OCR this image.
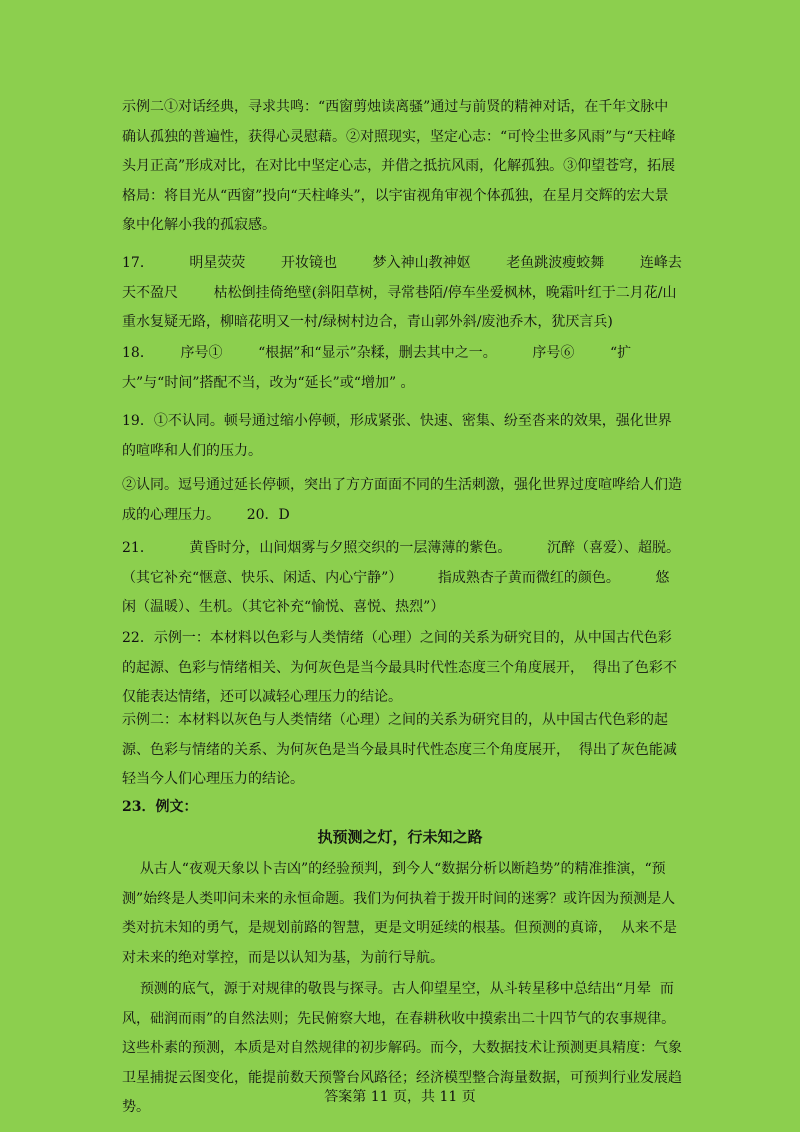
示例二①对话经典，寻求共鸣：“西窗剪烛读离骚”通过与前贤的精神对话，在千年文脉中确认孤独的普遍性，获得心灵慰藉。②对照现实，坚定心志：“可怜尘世多风雨”与“天柱峰头月正高”形成对比，在对比中坚定心志，并借之抵抗风雨，化解孤独。③仰望苍穹，拓展格局：将目光从“西窗”投向“天柱峰头”，以宇宙视角审视个体孤独，在星月交辉的宏大景象中化解小我的孤寂感。
17．        明星荧荧        开妆镜也        梦入神山教神妪        老鱼跳波瘦蛟舞        连峰去天不盈尺        枯松倒挂倚绝壁(斜阳草树，寻常巷陌/停车坐爱枫林，晚霜叶红于二月花/山重水复疑无路，柳暗花明又一村/绿树村边合，青山郭外斜/废池乔木，犹厌言兵)
18．      序号①        “根据”和“显示”杂糅，删去其中之一。        序号⑥        “扩大”与“时间”搭配不当，改为“延长”或“增加” 。
19．①不认同。顿号通过缩小停顿，形成紧张、快速、密集、纷至沓来的效果，强化世界的喧哗和人们的压力。
②认同。逗号通过延长停顿，突出了方方面面不同的生活刺激，强化世界过度喧哗给人们造成的心理压力。      20．D
21．        黄昏时分，山间烟雾与夕照交织的一层薄薄的紫色。        沉醉（喜爱）、超脱。（其它补充“惬意、快乐、闲适、内心宁静”）        指成熟杏子黄而微红的颜色。        悠闲（温暖）、生机。（其它补充“愉悦、喜悦、热烈”）
22．示例一：本材料以色彩与人类情绪（心理）之间的关系为研究目的，从中国古代色彩的起源、色彩与情绪相关、为何灰色是当今最具时代性态度三个角度展开，  得出了色彩不仅能表达情绪，还可以减轻心理压力的结论。
示例二：本材料以灰色与人类情绪（心理）之间的关系为研究目的，从中国古代色彩的起源、色彩与情绪的关系、为何灰色是当今最具时代性态度三个角度展开，  得出了灰色能减轻当今人们心理压力的结论。
23．例文：
执预测之灯，行未知之路
从古人“夜观天象以卜吉凶”的经验预判，到今人“数据分析以断趋势”的精准推演，“预测”始终是人类叩问未来的永恒命题。我们为何执着于拨开时间的迷雾？或许因为预测是人类对抗未知的勇气，是规划前路的智慧，更是文明延续的根基。但预测的真谛，  从来不是对未来的绝对掌控，而是以认知为基，为前行导航。
预测的底气，源于对规律的敬畏与探寻。古人仰望星空，从斗转星移中总结出“月晕  而风，础润而雨”的自然法则；先民俯察大地，在春耕秋收中摸索出二十四节气的农事规律。这些朴素的预测，本质是对自然规律的初步解码。而今，大数据技术让预测更具精度：气象卫星捕捉云图变化，能提前数天预警台风路径；经济模型整合海量数据，可预判行业发展趋势。
答案第 11 页，共 11 页
